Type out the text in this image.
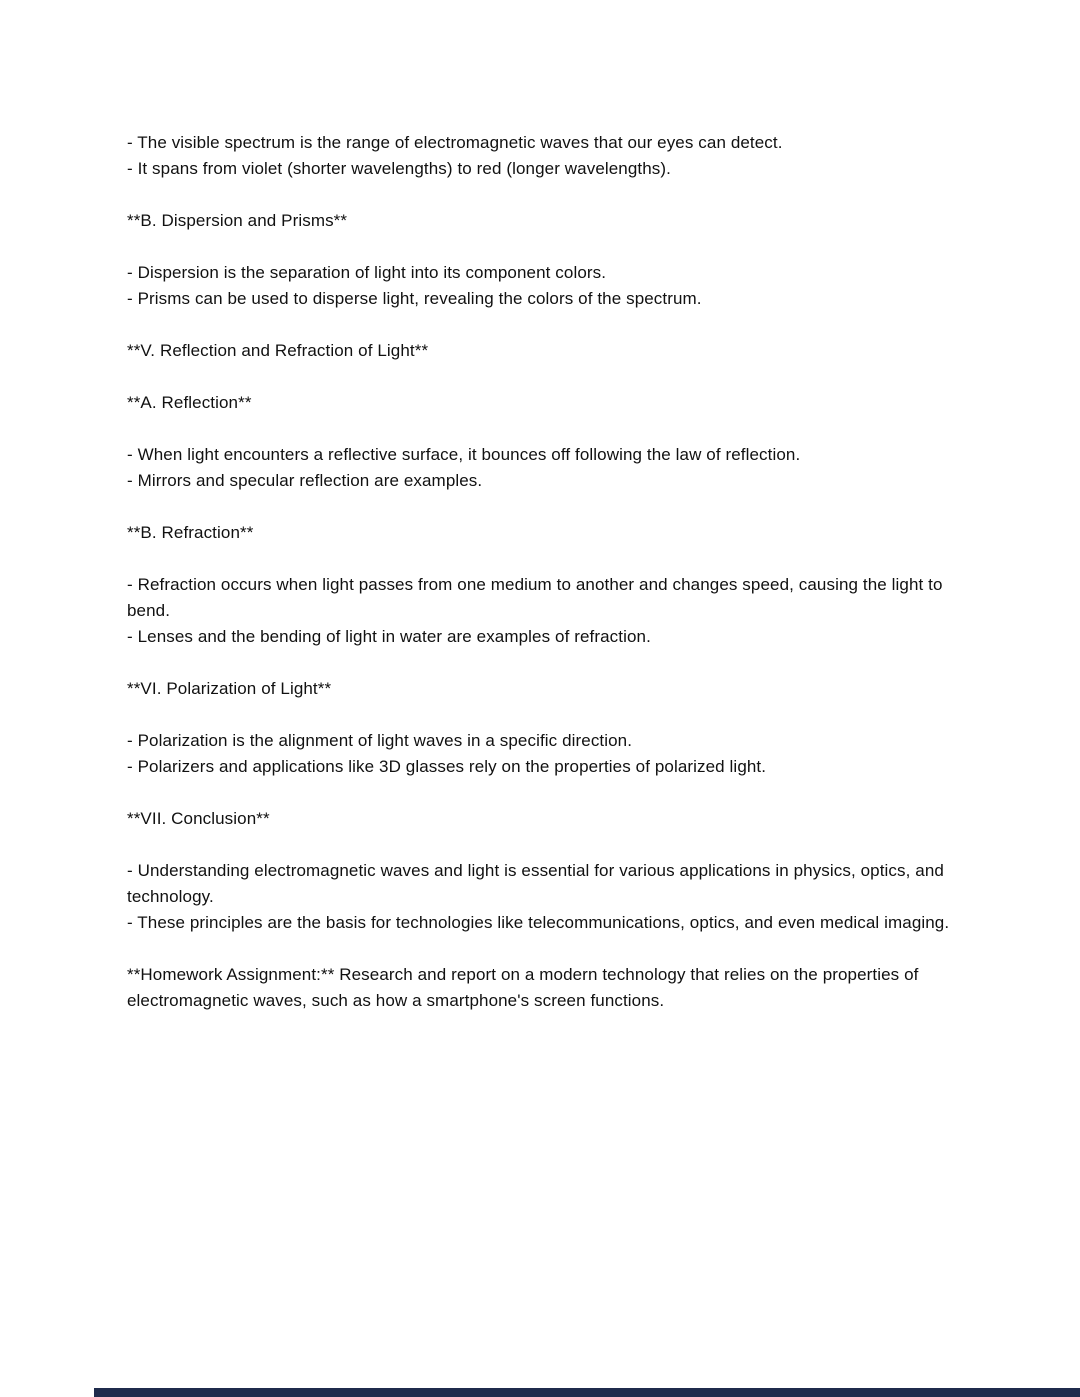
- The visible spectrum is the range of electromagnetic waves that our eyes can detect.
- It spans from violet (shorter wavelengths) to red (longer wavelengths).
**B. Dispersion and Prisms**
- Dispersion is the separation of light into its component colors.
- Prisms can be used to disperse light, revealing the colors of the spectrum.
**V. Reflection and Refraction of Light**
**A. Reflection**
- When light encounters a reflective surface, it bounces off following the law of reflection.
- Mirrors and specular reflection are examples.
**B. Refraction**
- Refraction occurs when light passes from one medium to another and changes speed, causing the light to bend.
- Lenses and the bending of light in water are examples of refraction.
**VI. Polarization of Light**
- Polarization is the alignment of light waves in a specific direction.
- Polarizers and applications like 3D glasses rely on the properties of polarized light.
**VII. Conclusion**
- Understanding electromagnetic waves and light is essential for various applications in physics, optics, and technology.
- These principles are the basis for technologies like telecommunications, optics, and even medical imaging.
**Homework Assignment:** Research and report on a modern technology that relies on the properties of electromagnetic waves, such as how a smartphone's screen functions.
